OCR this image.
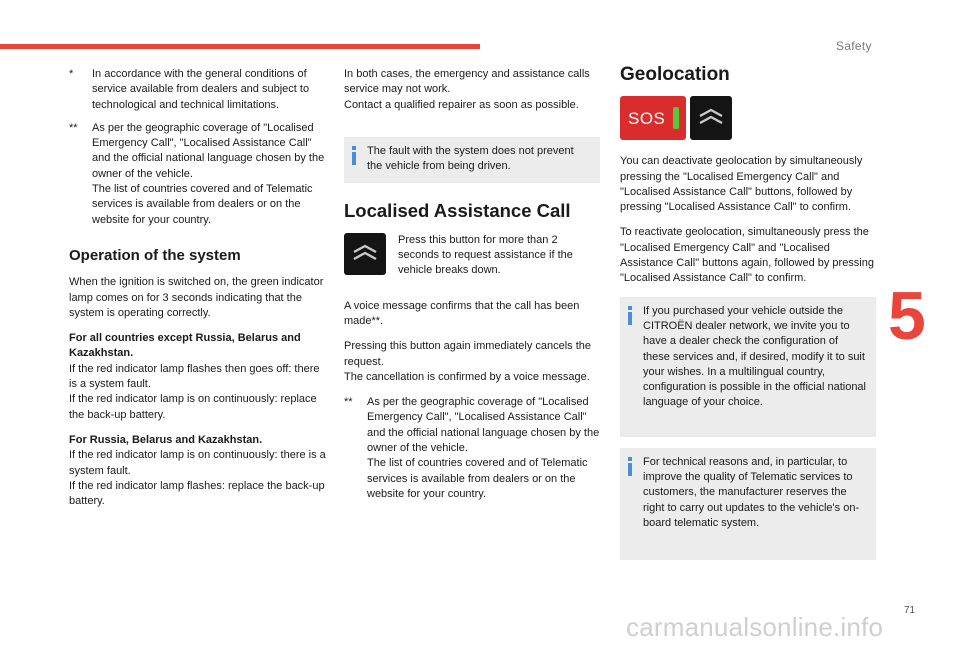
Safety
5
* In accordance with the general conditions of service available from dealers and subject to technological and technical limitations.
** As per the geographic coverage of "Localised Emergency Call", "Localised Assistance Call" and the official national language chosen by the owner of the vehicle.
The list of countries covered and of Telematic services is available from dealers or on the website for your country.
Operation of the system

When the ignition is switched on, the green indicator lamp comes on for 3 seconds indicating that the system is operating correctly.

For all countries except Russia, Belarus and Kazakhstan.
If the red indicator lamp flashes then goes off: there is a system fault.
If the red indicator lamp is on continuously: replace the back-up battery.

For Russia, Belarus and Kazakhstan.
If the red indicator lamp is on continuously: there is a system fault.
If the red indicator lamp flashes: replace the back-up battery.

In both cases, the emergency and assistance calls service may not work.
Contact a qualified repairer as soon as possible.

The fault with the system does not prevent the vehicle from being driven.
Localised Assistance Call
Press this button for more than 2 seconds to request assistance if the vehicle breaks down.

A voice message confirms that the call has been made**.

Pressing this button again immediately cancels the request.
The cancellation is confirmed by a voice message.

** As per the geographic coverage of "Localised Emergency Call", "Localised Assistance Call" and the official national language chosen by the owner of the vehicle.
The list of countries covered and of Telematic services is available from dealers or on the website for your country.
Geolocation
SOS

You can deactivate geolocation by simultaneously pressing the "Localised Emergency Call" and "Localised Assistance Call" buttons, followed by pressing "Localised Assistance Call" to confirm.

To reactivate geolocation, simultaneously press the "Localised Emergency Call" and "Localised Assistance Call" buttons again, followed by pressing "Localised Assistance Call" to confirm.

If you purchased your vehicle outside the CITROËN dealer network, we invite you to have a dealer check the configuration of these services and, if desired, modify it to suit your wishes. In a multilingual country, configuration is possible in the official national language of your choice.
For technical reasons and, in particular, to improve the quality of Telematic services to customers, the manufacturer reserves the right to carry out updates to the vehicle's on-board telematic system.
71
carmanualsonline.info
